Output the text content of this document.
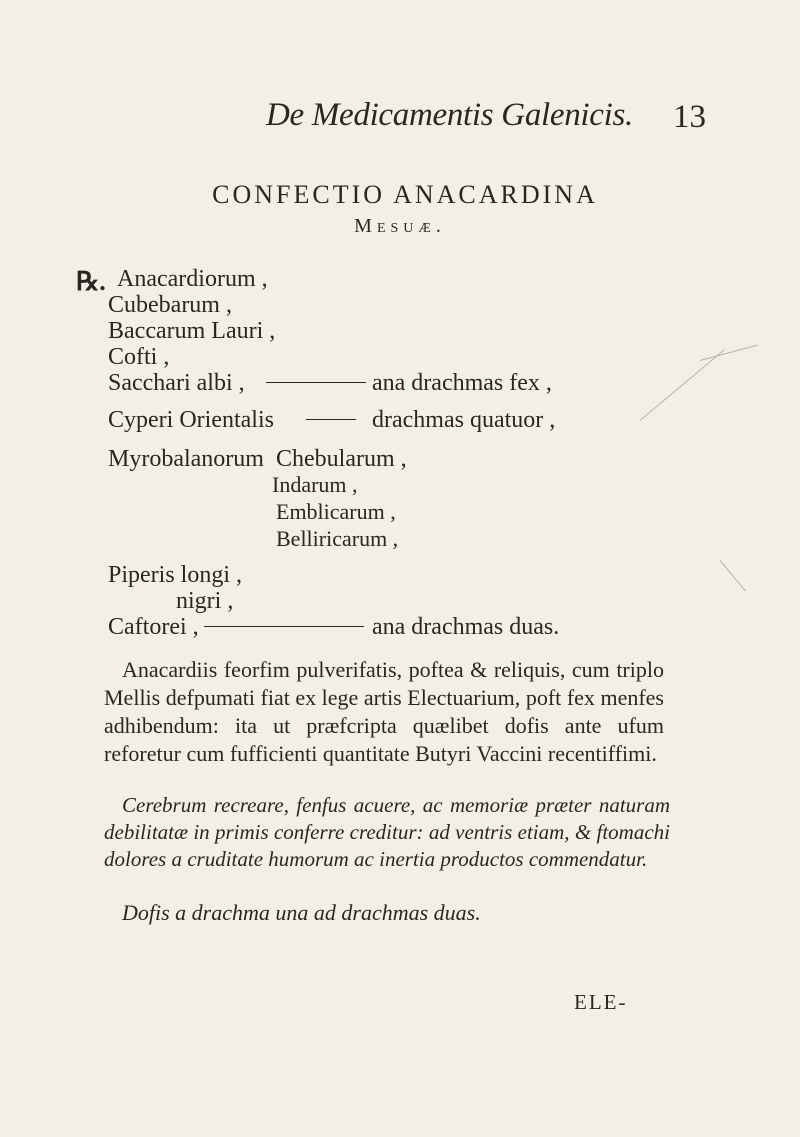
De Medicamentis Galenicis. 13
CONFECTIO ANACARDINA
Mesuæ.
℞. Anacardiorum ,
Cubebarum ,
Baccarum Lauri ,
Cofti ,
Sacchari albi ,	ana drachmas fex ,
Cyperi Orientalis	drachmas quatuor ,
Myrobalanorum Chebularum ,
Indarum ,
Emblicarum ,
Belliricarum ,
Piperis longi ,
nigri ,
Caftorei ,	ana drachmas duas.
Anacardiis feorfim pulverifatis, poftea & reliquis, cum triplo Mellis defpumati fiat ex lege artis Electuarium, poft fex menfes adhibendum: ita ut præfcripta quælibet dofis ante ufum reforetur cum fufficienti quantitate Butyri Vaccini recentiffimi.
Cerebrum recreare, fenfus acuere, ac memoriæ præter naturam debilitatæ in primis conferre creditur: ad ventris etiam, & ftomachi dolores a cruditate humorum ac inertia productos commendatur.
Dofis a drachma una ad drachmas duas.
ELE-
